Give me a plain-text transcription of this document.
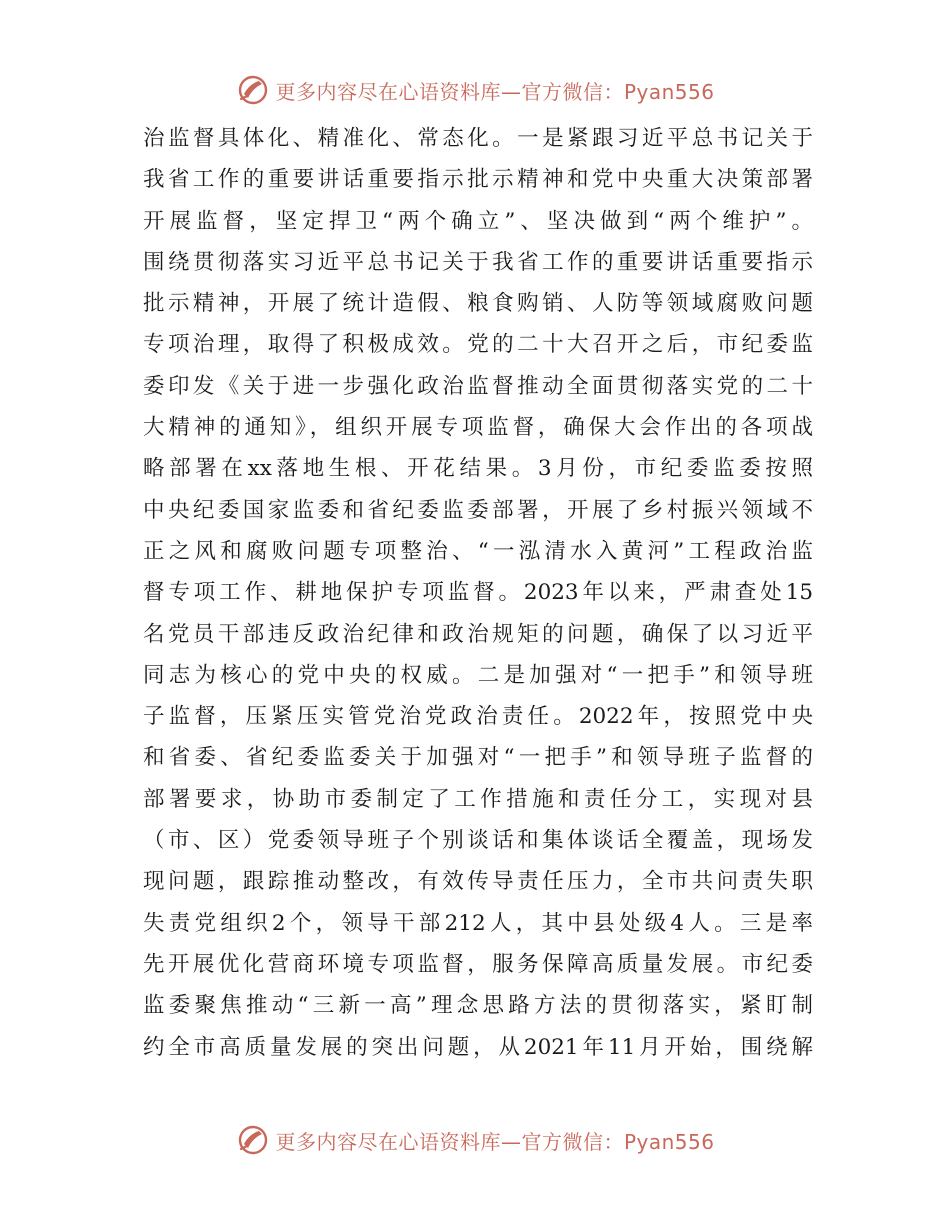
更多内容尽在心语资料库—官方微信：Pyan556
治监督具体化、精准化、常态化。一是紧跟习近平总书记关于
我省工作的重要讲话重要指示批示精神和党中央重大决策部署
开展监督，坚定捍卫“两个确立”、坚决做到“两个维护”。
围绕贯彻落实习近平总书记关于我省工作的重要讲话重要指示
批示精神，开展了统计造假、粮食购销、人防等领域腐败问题
专项治理，取得了积极成效。党的二十大召开之后，市纪委监
委印发《关于进一步强化政治监督推动全面贯彻落实党的二十
大精神的通知》，组织开展专项监督，确保大会作出的各项战
略部署在xx落地生根、开花结果。3月份，市纪委监委按照
中央纪委国家监委和省纪委监委部署，开展了乡村振兴领域不
正之风和腐败问题专项整治、“一泓清水入黄河”工程政治监
督专项工作、耕地保护专项监督。2023年以来，严肃查处15
名党员干部违反政治纪律和政治规矩的问题，确保了以习近平
同志为核心的党中央的权威。二是加强对“一把手”和领导班
子监督，压紧压实管党治党政治责任。2022年，按照党中央
和省委、省纪委监委关于加强对“一把手”和领导班子监督的
部署要求，协助市委制定了工作措施和责任分工，实现对县
（市、区）党委领导班子个别谈话和集体谈话全覆盖，现场发
现问题，跟踪推动整改，有效传导责任压力，全市共问责失职
失责党组织2个，领导干部212人，其中县处级4人。三是率
先开展优化营商环境专项监督，服务保障高质量发展。市纪委
监委聚焦推动“三新一高”理念思路方法的贯彻落实，紧盯制
约全市高质量发展的突出问题，从2021年11月开始，围绕解
更多内容尽在心语资料库—官方微信：Pyan556
